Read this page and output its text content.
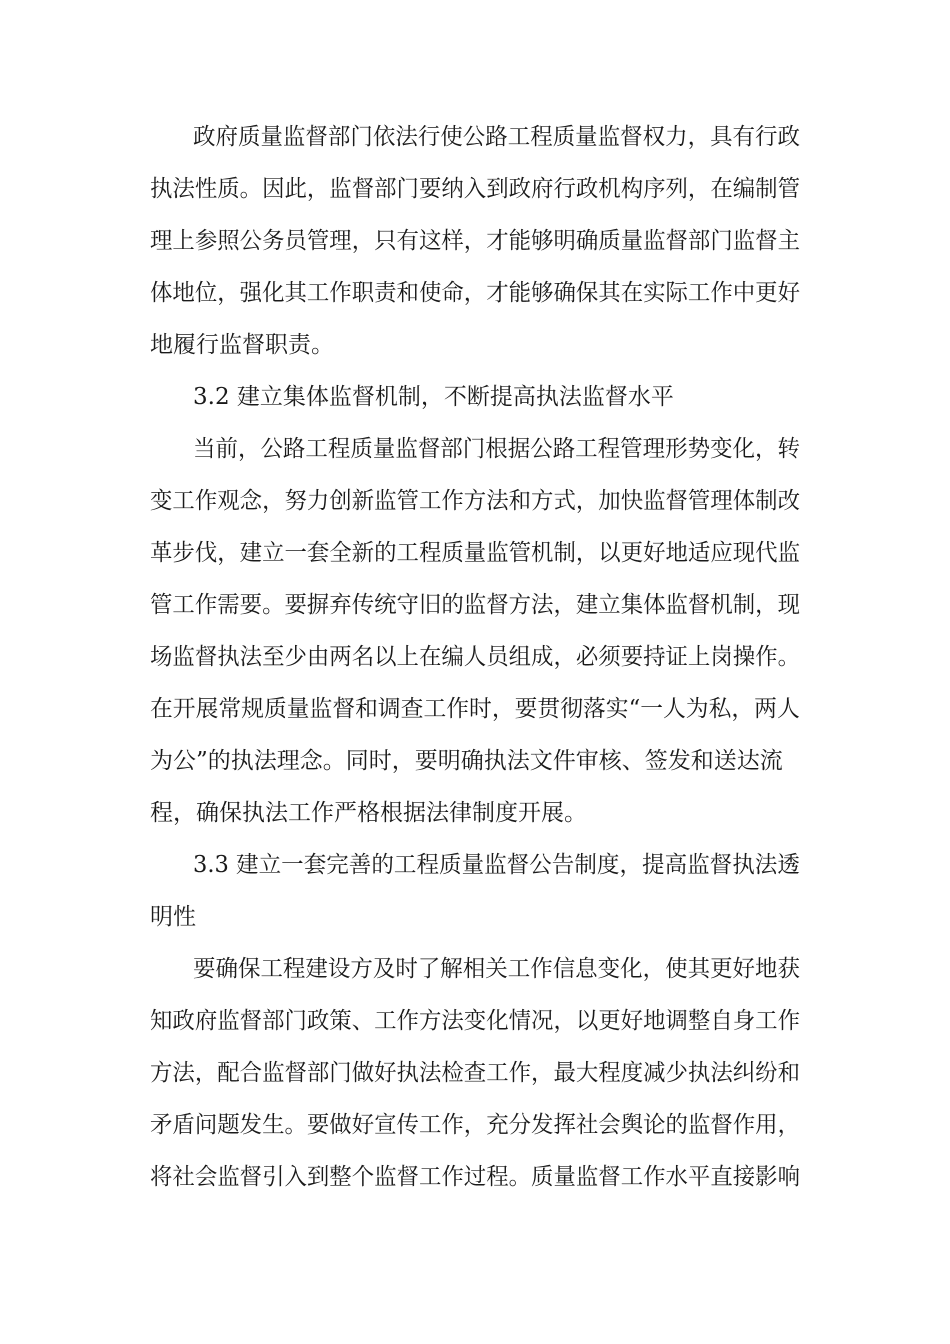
政府质量监督部门依法行使公路工程质量监督权力，具有行政
执法性质。因此，监督部门要纳入到政府行政机构序列，在编制管
理上参照公务员管理，只有这样，才能够明确质量监督部门监督主
体地位，强化其工作职责和使命，才能够确保其在实际工作中更好
地履行监督职责。
3.2 建立集体监督机制，不断提高执法监督水平
当前，公路工程质量监督部门根据公路工程管理形势变化，转
变工作观念，努力创新监管工作方法和方式，加快监督管理体制改
革步伐，建立一套全新的工程质量监管机制，以更好地适应现代监
管工作需要。要摒弃传统守旧的监督方法，建立集体监督机制，现
场监督执法至少由两名以上在编人员组成，必须要持证上岗操作。
在开展常规质量监督和调查工作时，要贯彻落实“一人为私，两人
为公”的执法理念。同时，要明确执法文件审核、签发和送达流
程，确保执法工作严格根据法律制度开展。
3.3 建立一套完善的工程质量监督公告制度，提高监督执法透
明性
要确保工程建设方及时了解相关工作信息变化，使其更好地获
知政府监督部门政策、工作方法变化情况，以更好地调整自身工作
方法，配合监督部门做好执法检查工作，最大程度减少执法纠纷和
矛盾问题发生。要做好宣传工作，充分发挥社会舆论的监督作用，
将社会监督引入到整个监督工作过程。质量监督工作水平直接影响
